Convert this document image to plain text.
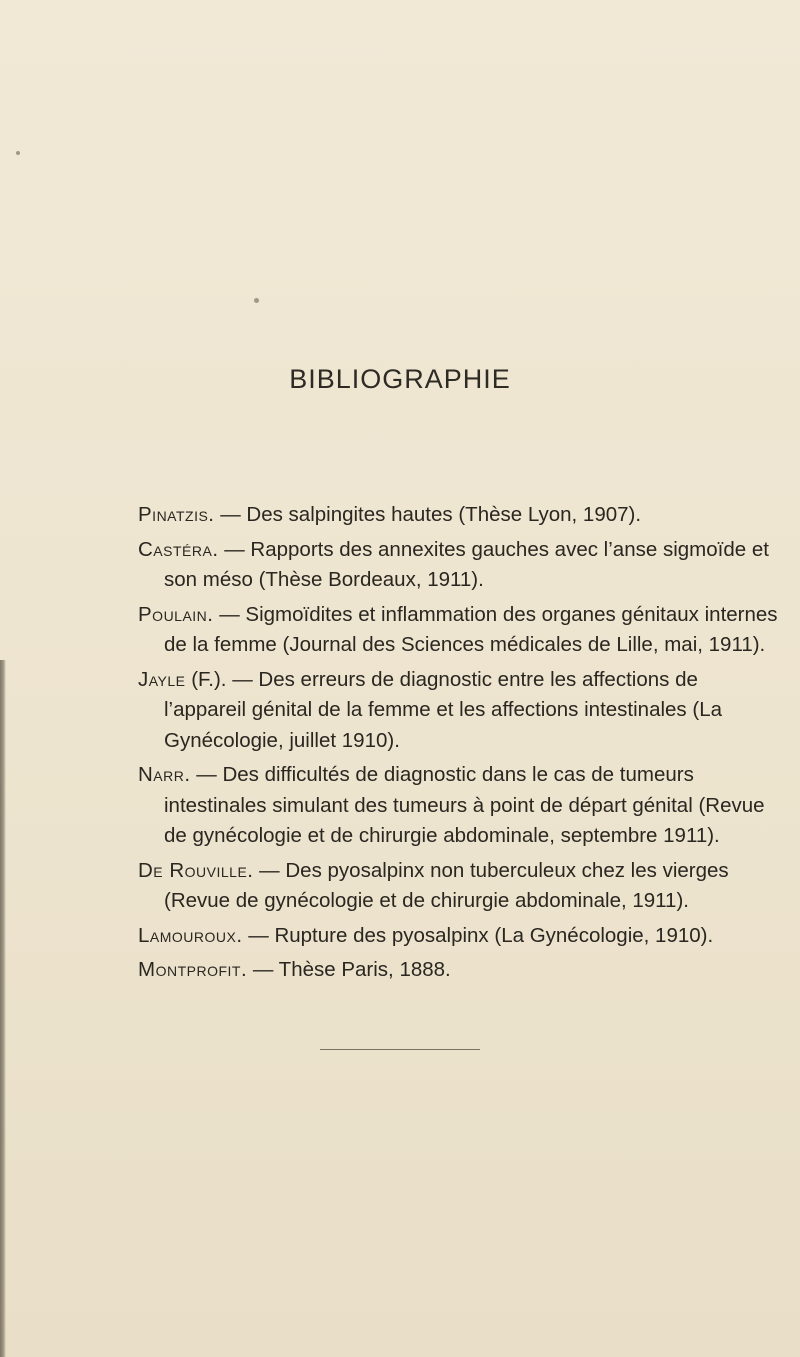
BIBLIOGRAPHIE
Pinatzis. — Des salpingites hautes (Thèse Lyon, 1907).
Castéra. — Rapports des annexites gauches avec l’anse sigmoïde et son méso (Thèse Bordeaux, 1911).
Poulain. — Sigmoïdites et inflammation des organes génitaux internes de la femme (Journal des Sciences médicales de Lille, mai, 1911).
Jayle (F.). — Des erreurs de diagnostic entre les affections de l’appareil génital de la femme et les affections intestinales (La Gynécologie, juillet 1910).
Narr. — Des difficultés de diagnostic dans le cas de tumeurs intestinales simulant des tumeurs à point de départ génital (Revue de gynécologie et de chirurgie abdominale, septembre 1911).
De Rouville. — Des pyosalpinx non tuberculeux chez les vierges (Revue de gynécologie et de chirurgie abdominale, 1911).
Lamouroux. — Rupture des pyosalpinx (La Gynécologie, 1910).
Montprofit. — Thèse Paris, 1888.
